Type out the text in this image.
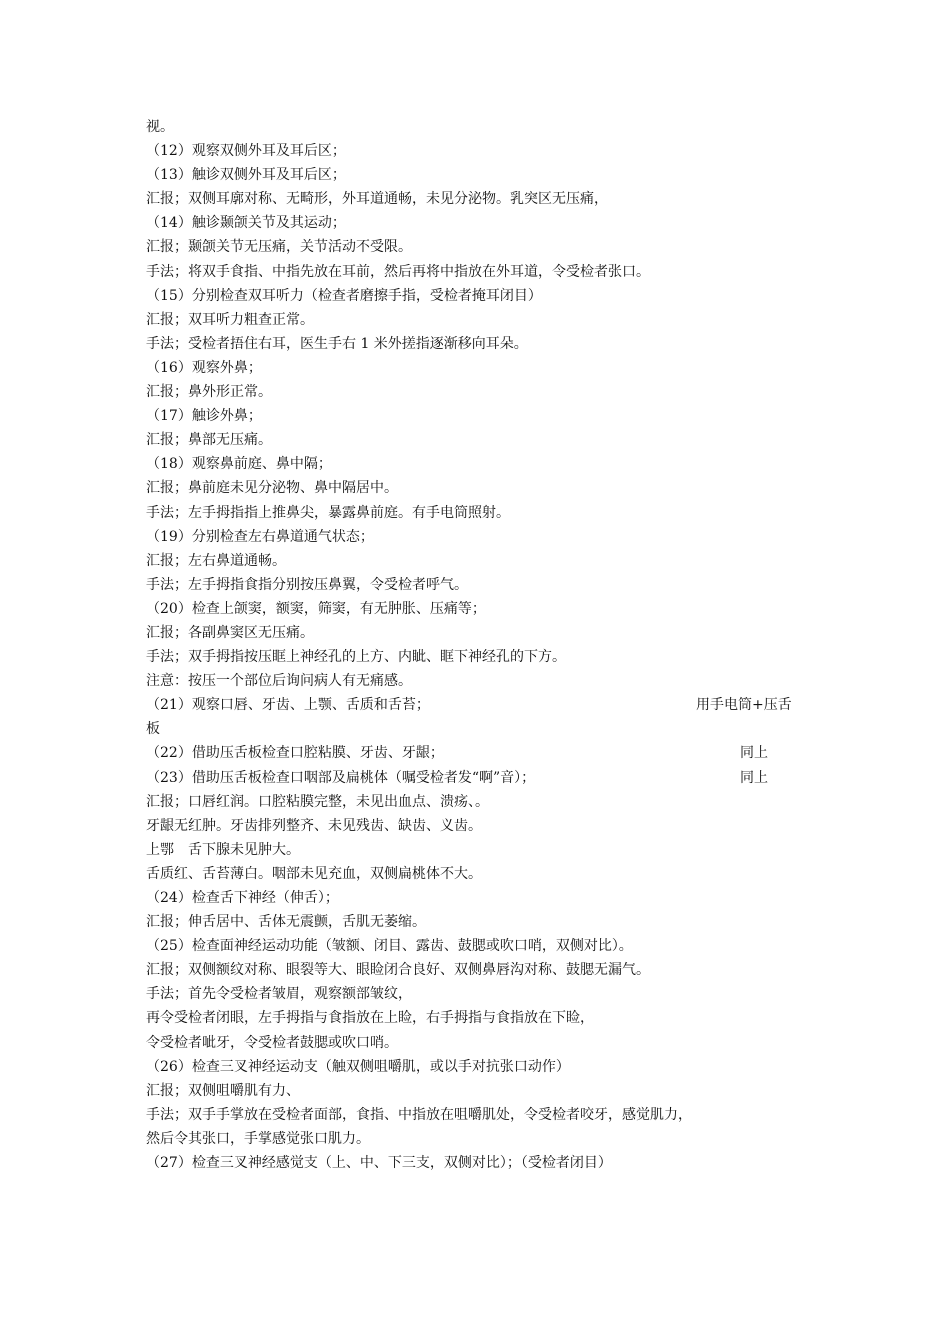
视。
（12）观察双侧外耳及耳后区；
（13）触诊双侧外耳及耳后区；
汇报；双侧耳廓对称、无畸形，外耳道通畅，未见分泌物。乳突区无压痛，
（14）触诊颞颌关节及其运动；
汇报；颞颌关节无压痛，关节活动不受限。
手法；将双手食指、中指先放在耳前，然后再将中指放在外耳道，令受检者张口。
（15）分别检查双耳听力（检查者磨擦手指，受检者掩耳闭目）
汇报；双耳听力粗查正常。
手法；受检者捂住右耳，医生手右 1 米外搓指逐渐移向耳朵。
（16）观察外鼻；
汇报；鼻外形正常。
（17）触诊外鼻；
汇报；鼻部无压痛。
（18）观察鼻前庭、鼻中隔；
汇报；鼻前庭未见分泌物、鼻中隔居中。
手法；左手拇指指上推鼻尖，暴露鼻前庭。有手电筒照射。
（19）分别检查左右鼻道通气状态；
汇报；左右鼻道通畅。
手法；左手拇指食指分别按压鼻翼，令受检者呼气。
（20）检查上颌窦，额窦，筛窦，有无肿胀、压痛等；
汇报；各副鼻窦区无压痛。
手法；双手拇指按压眶上神经孔的上方、内眦、眶下神经孔的下方。
注意：按压一个部位后询问病人有无痛感。
（21）观察口唇、牙齿、上颚、舌质和舌苔；	用手电筒+压舌
板
（22）借助压舌板检查口腔粘膜、牙齿、牙龈；	同上
（23）借助压舌板检查口咽部及扁桃体（嘱受检者发“啊”音）；	同上
汇报；口唇红润。口腔粘膜完整，未见出血点、溃疡、。
牙龈无红肿。牙齿排列整齐、未见残齿、缺齿、义齿。
上鄂　舌下腺未见肿大。
舌质红、舌苔薄白。咽部未见充血，双侧扁桃体不大。
（24）检查舌下神经（伸舌）；
汇报；伸舌居中、舌体无震颤，舌肌无萎缩。
（25）检查面神经运动功能（皱额、闭目、露齿、鼓腮或吹口哨，双侧对比）。
汇报；双侧额纹对称、眼裂等大、眼睑闭合良好、双侧鼻唇沟对称、鼓腮无漏气。
手法；首先令受检者皱眉，观察额部皱纹，
再令受检者闭眼，左手拇指与食指放在上睑，右手拇指与食指放在下睑，
令受检者呲牙，令受检者鼓腮或吹口哨。
（26）检查三叉神经运动支（触双侧咀嚼肌，或以手对抗张口动作）
汇报；双侧咀嚼肌有力、
手法；双手手掌放在受检者面部，食指、中指放在咀嚼肌处，令受检者咬牙，感觉肌力，
然后令其张口，手掌感觉张口肌力。
（27）检查三叉神经感觉支（上、中、下三支，双侧对比）；（受检者闭目）
